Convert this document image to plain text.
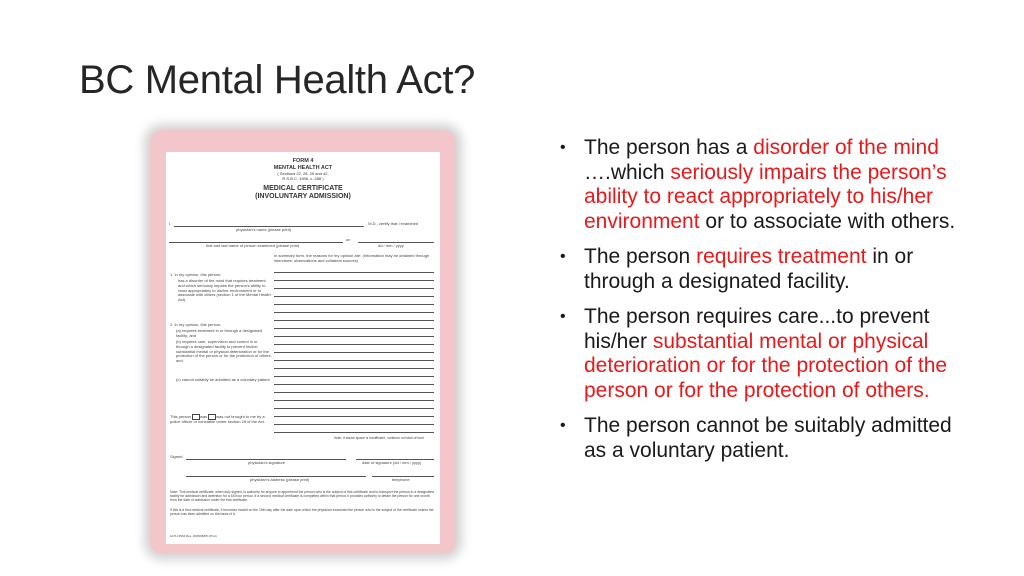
BC Mental Health Act?
FORM 4
MENTAL HEALTH ACT
( Sections 22, 28, 29 and 42,
R.S.B.C. 1996, c. 288 )
MEDICAL CERTIFICATE
(INVOLUNTARY ADMISSION)
I,	, M.D., certify that I examined
physician's name (please print)
on
first and last name of person examined (please print)	dd / mm / yyyy
In summary form, the reasons for my opinion are: (Information may be obtained through interviews, observations and collateral sources)
1. In my opinion, this person:
has a disorder of the mind that requires treatment and which seriously impairs the person's ability to react appropriately to his/her environment or to associate with others (section 1 of the Mental Health Act).
2. In my opinion, this person:
(a) requires treatment in or through a designated facility; and
(b) requires care, supervision and control in or through a designated facility to prevent his/her substantial mental or physical deterioration or for the protection of the person or for the protection of others; and
(c) cannot suitably be admitted as a voluntary patient.
This person was was not brought to me by a police officer or constable under section 28 of the Act.
Note: if above space is insufficient, continue on back of form
Signed
physician's signature	date of signature (dd / mm / yyyy)
physician's address (please print)	telephone
Note: This medical certificate, when duly signed, is authority for anyone to apprehend the person who is the subject of this certificate and to transport the person to a designated facility for admission and detention for a 48 hour period. If a second medical certificate is completed within that period, it provides authority to detain the person for one month from the date of admission under the first certificate.
If this is a first medical certificate, it becomes invalid on the 15th day after the date upon which the physician examined the person who is the subject of the certificate unless the person has been admitted on the basis of it.
HLTH 3504 Rev. 2005/08/05 (Print)
• The person has a disorder of the mind ….which seriously impairs the person’s ability to react appropriately to his/her environment or to associate with others.
• The person requires treatment in or through a designated facility.
• The person requires care...to prevent his/her substantial mental or physical deterioration or for the protection of the person or for the protection of others.
• The person cannot be suitably admitted as a voluntary patient.
